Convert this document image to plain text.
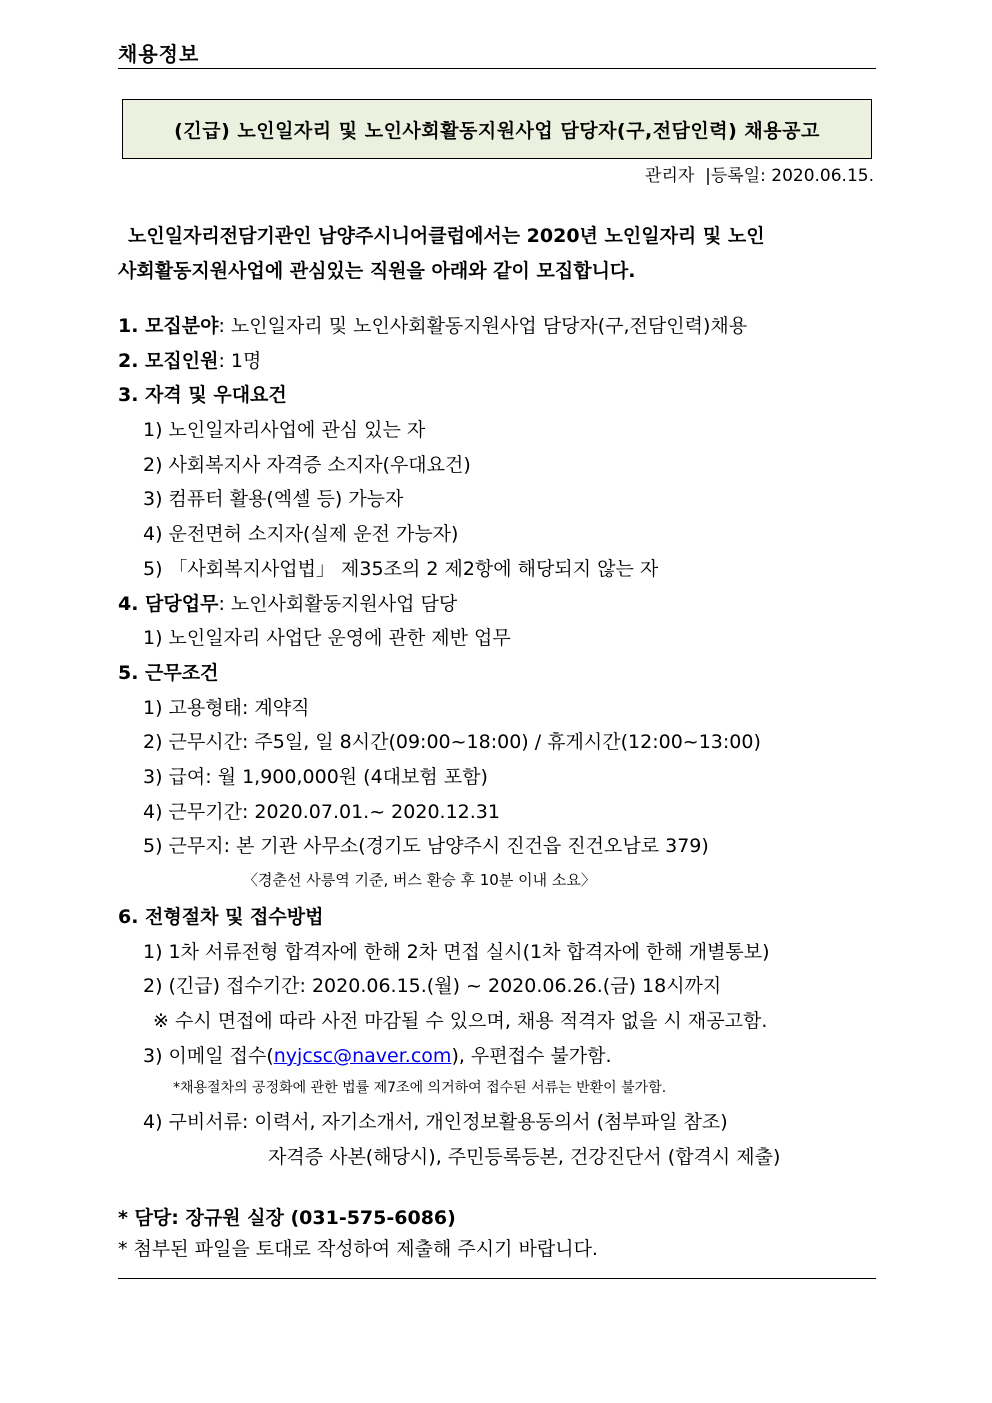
채용정보
(긴급) 노인일자리 및 노인사회활동지원사업 담당자(구,전담인력) 채용공고
관리자  |등록일: 2020.06.15.
노인일자리전담기관인 남양주시니어클럽에서는 2020년 노인일자리 및 노인
사회활동지원사업에 관심있는 직원을 아래와 같이 모집합니다.
1. 모집분야: 노인일자리 및 노인사회활동지원사업 담당자(구,전담인력)채용
2. 모집인원: 1명
3. 자격 및 우대요건
1) 노인일자리사업에 관심 있는 자
2) 사회복지사 자격증 소지자(우대요건)
3) 컴퓨터 활용(엑셀 등) 가능자
4) 운전면허 소지자(실제 운전 가능자)
5) 「사회복지사업법」 제35조의 2 제2항에 해당되지 않는 자
4. 담당업무: 노인사회활동지원사업 담당
1) 노인일자리 사업단 운영에 관한 제반 업무
5. 근무조건
1) 고용형태: 계약직
2) 근무시간: 주5일, 일 8시간(09:00~18:00) / 휴게시간(12:00~13:00)
3) 급여: 월 1,900,000원 (4대보험 포함)
4) 근무기간: 2020.07.01.~ 2020.12.31
5) 근무지: 본 기관 사무소(경기도 남양주시 진건읍 진건오남로 379)
〈경춘선 사릉역 기준, 버스 환승 후 10분 이내 소요〉
6. 전형절차 및 접수방법
1) 1차 서류전형 합격자에 한해 2차 면접 실시(1차 합격자에 한해 개별통보)
2) (긴급) 접수기간: 2020.06.15.(월) ~ 2020.06.26.(금) 18시까지
※ 수시 면접에 따라 사전 마감될 수 있으며, 채용 적격자 없을 시 재공고함.
3) 이메일 접수(nyjcsc@naver.com), 우편접수 불가함.
*채용절차의 공정화에 관한 법률 제7조에 의거하여 접수된 서류는 반환이 불가함.
4) 구비서류: 이력서, 자기소개서, 개인정보활용동의서 (첨부파일 참조)
자격증 사본(해당시), 주민등록등본, 건강진단서 (합격시 제출)
* 담당: 장규원 실장 (031-575-6086)
* 첨부된 파일을 토대로 작성하여 제출해 주시기 바랍니다.
